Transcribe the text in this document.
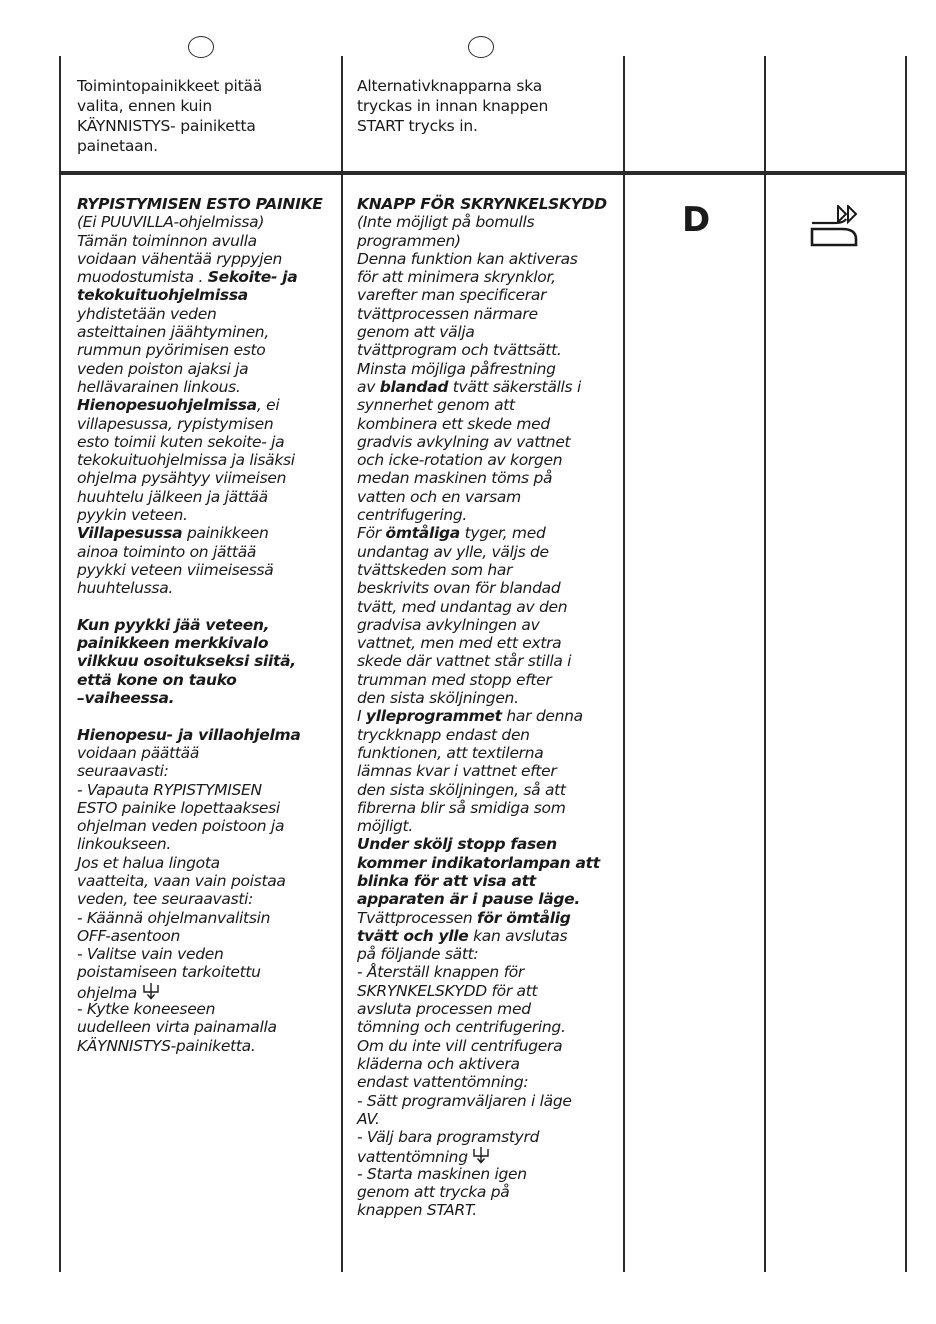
Toimintopainikkeet pitää
valita, ennen kuin
KÄYNNISTYS- painiketta
painetaan.
Alternativknapparna ska
tryckas in innan knappen
START trycks in.
RYPISTYMISEN ESTO PAINIKE
(Ei PUUVILLA-ohjelmissa)
Tämän toiminnon avulla
voidaan vähentää ryppyjen
muodostumista . Sekoite- ja
tekokuituohjelmissa
yhdistetään veden
asteittainen jäähtyminen,
rummun pyörimisen esto
veden poiston ajaksi ja
hellävarainen linkous.
Hienopesuohjelmissa, ei
villapesussa, rypistymisen
esto toimii kuten sekoite- ja
tekokuituohjelmissa ja lisäksi
ohjelma pysähtyy viimeisen
huuhtelu jälkeen ja jättää
pyykin veteen.
Villapesussa painikkeen
ainoa toiminto on jättää
pyykki veteen viimeisessä
huuhtelussa.
Kun pyykki jää veteen,
painikkeen merkkivalo
vilkkuu osoitukseksi siitä,
että kone on tauko
–vaiheessa.
Hienopesu- ja villaohjelma
voidaan päättää
seuraavasti:
- Vapauta RYPISTYMISEN
ESTO painike lopettaaksesi
ohjelman veden poistoon ja
linkoukseen.
Jos et halua lingota
vaatteita, vaan vain poistaa
veden, tee seuraavasti:
- Käännä ohjelmanvalitsin
OFF-asentoon
- Valitse vain veden
poistamiseen tarkoitettu
ohjelma
- Kytke koneeseen
uudelleen virta painamalla
KÄYNNISTYS-painiketta.
KNAPP FÖR SKRYNKELSKYDD
(Inte möjligt på bomulls
programmen)
Denna funktion kan aktiveras
för att minimera skrynklor,
varefter man specificerar
tvättprocessen närmare
genom att välja
tvättprogram och tvättsätt.
Minsta möjliga påfrestning
av blandad tvätt säkerställs i
synnerhet genom att
kombinera ett skede med
gradvis avkylning av vattnet
och icke-rotation av korgen
medan maskinen töms på
vatten och en varsam
centrifugering.
För ömtåliga tyger, med
undantag av ylle, väljs de
tvättskeden som har
beskrivits ovan för blandad
tvätt, med undantag av den
gradvisa avkylningen av
vattnet, men med ett extra
skede där vattnet står stilla i
trumman med stopp efter
den sista sköljningen.
I ylleprogrammet har denna
tryckknapp endast den
funktionen, att textilerna
lämnas kvar i vattnet efter
den sista sköljningen, så att
fibrerna blir så smidiga som
möjligt.
Under skölj stopp fasen
kommer indikatorlampan att
blinka för att visa att
apparaten är i pause läge.
Tvättprocessen för ömtålig
tvätt och ylle kan avslutas
på följande sätt:
- Återställ knappen för
SKRYNKELSKYDD för att
avsluta processen med
tömning och centrifugering.
Om du inte vill centrifugera
kläderna och aktivera
endast vattentömning:
- Sätt programväljaren i läge
AV.
- Välj bara programstyrd
vattentömning
- Starta maskinen igen
genom att trycka på
knappen START.
D
